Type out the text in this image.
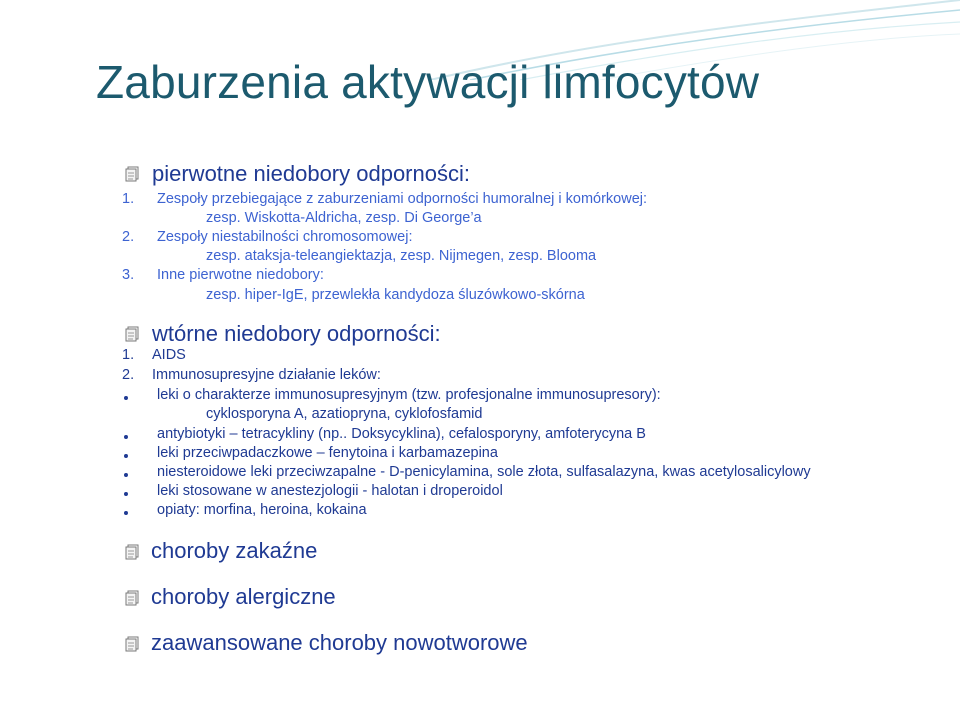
Zaburzenia aktywacji limfocytów
pierwotne niedobory odporności:
1. Zespoły przebiegające z zaburzeniami odporności humoralnej i komórkowej:
zesp. Wiskotta-Aldricha, zesp. Di George’a
2. Zespoły niestabilności chromosomowej:
zesp. ataksja-teleangiektazja, zesp. Nijmegen, zesp. Blooma
3. Inne pierwotne niedobory:
zesp. hiper-IgE, przewlekła kandydoza śluzówkowo-skórna
wtórne niedobory odporności:
1. AIDS
2. Immunosupresyjne działanie leków:
leki o charakterze immunosupresyjnym (tzw. profesjonalne immunosupresory):
cyklosporyna A, azatiopryna, cyklofosfamid
antybiotyki – tetracykliny (np.. Doksycyklina), cefalosporyny, amfoterycyna B
leki przeciwpadaczkowe – fenytoina i karbamazepina
niesteroidowe leki przeciwzapalne - D-penicylamina, sole złota, sulfasalazyna, kwas acetylosalicylowy
leki stosowane w anestezjologii - halotan i droperoidol
opiaty: morfina, heroina, kokaina
choroby zakaźne
choroby alergiczne
zaawansowane choroby nowotworowe
